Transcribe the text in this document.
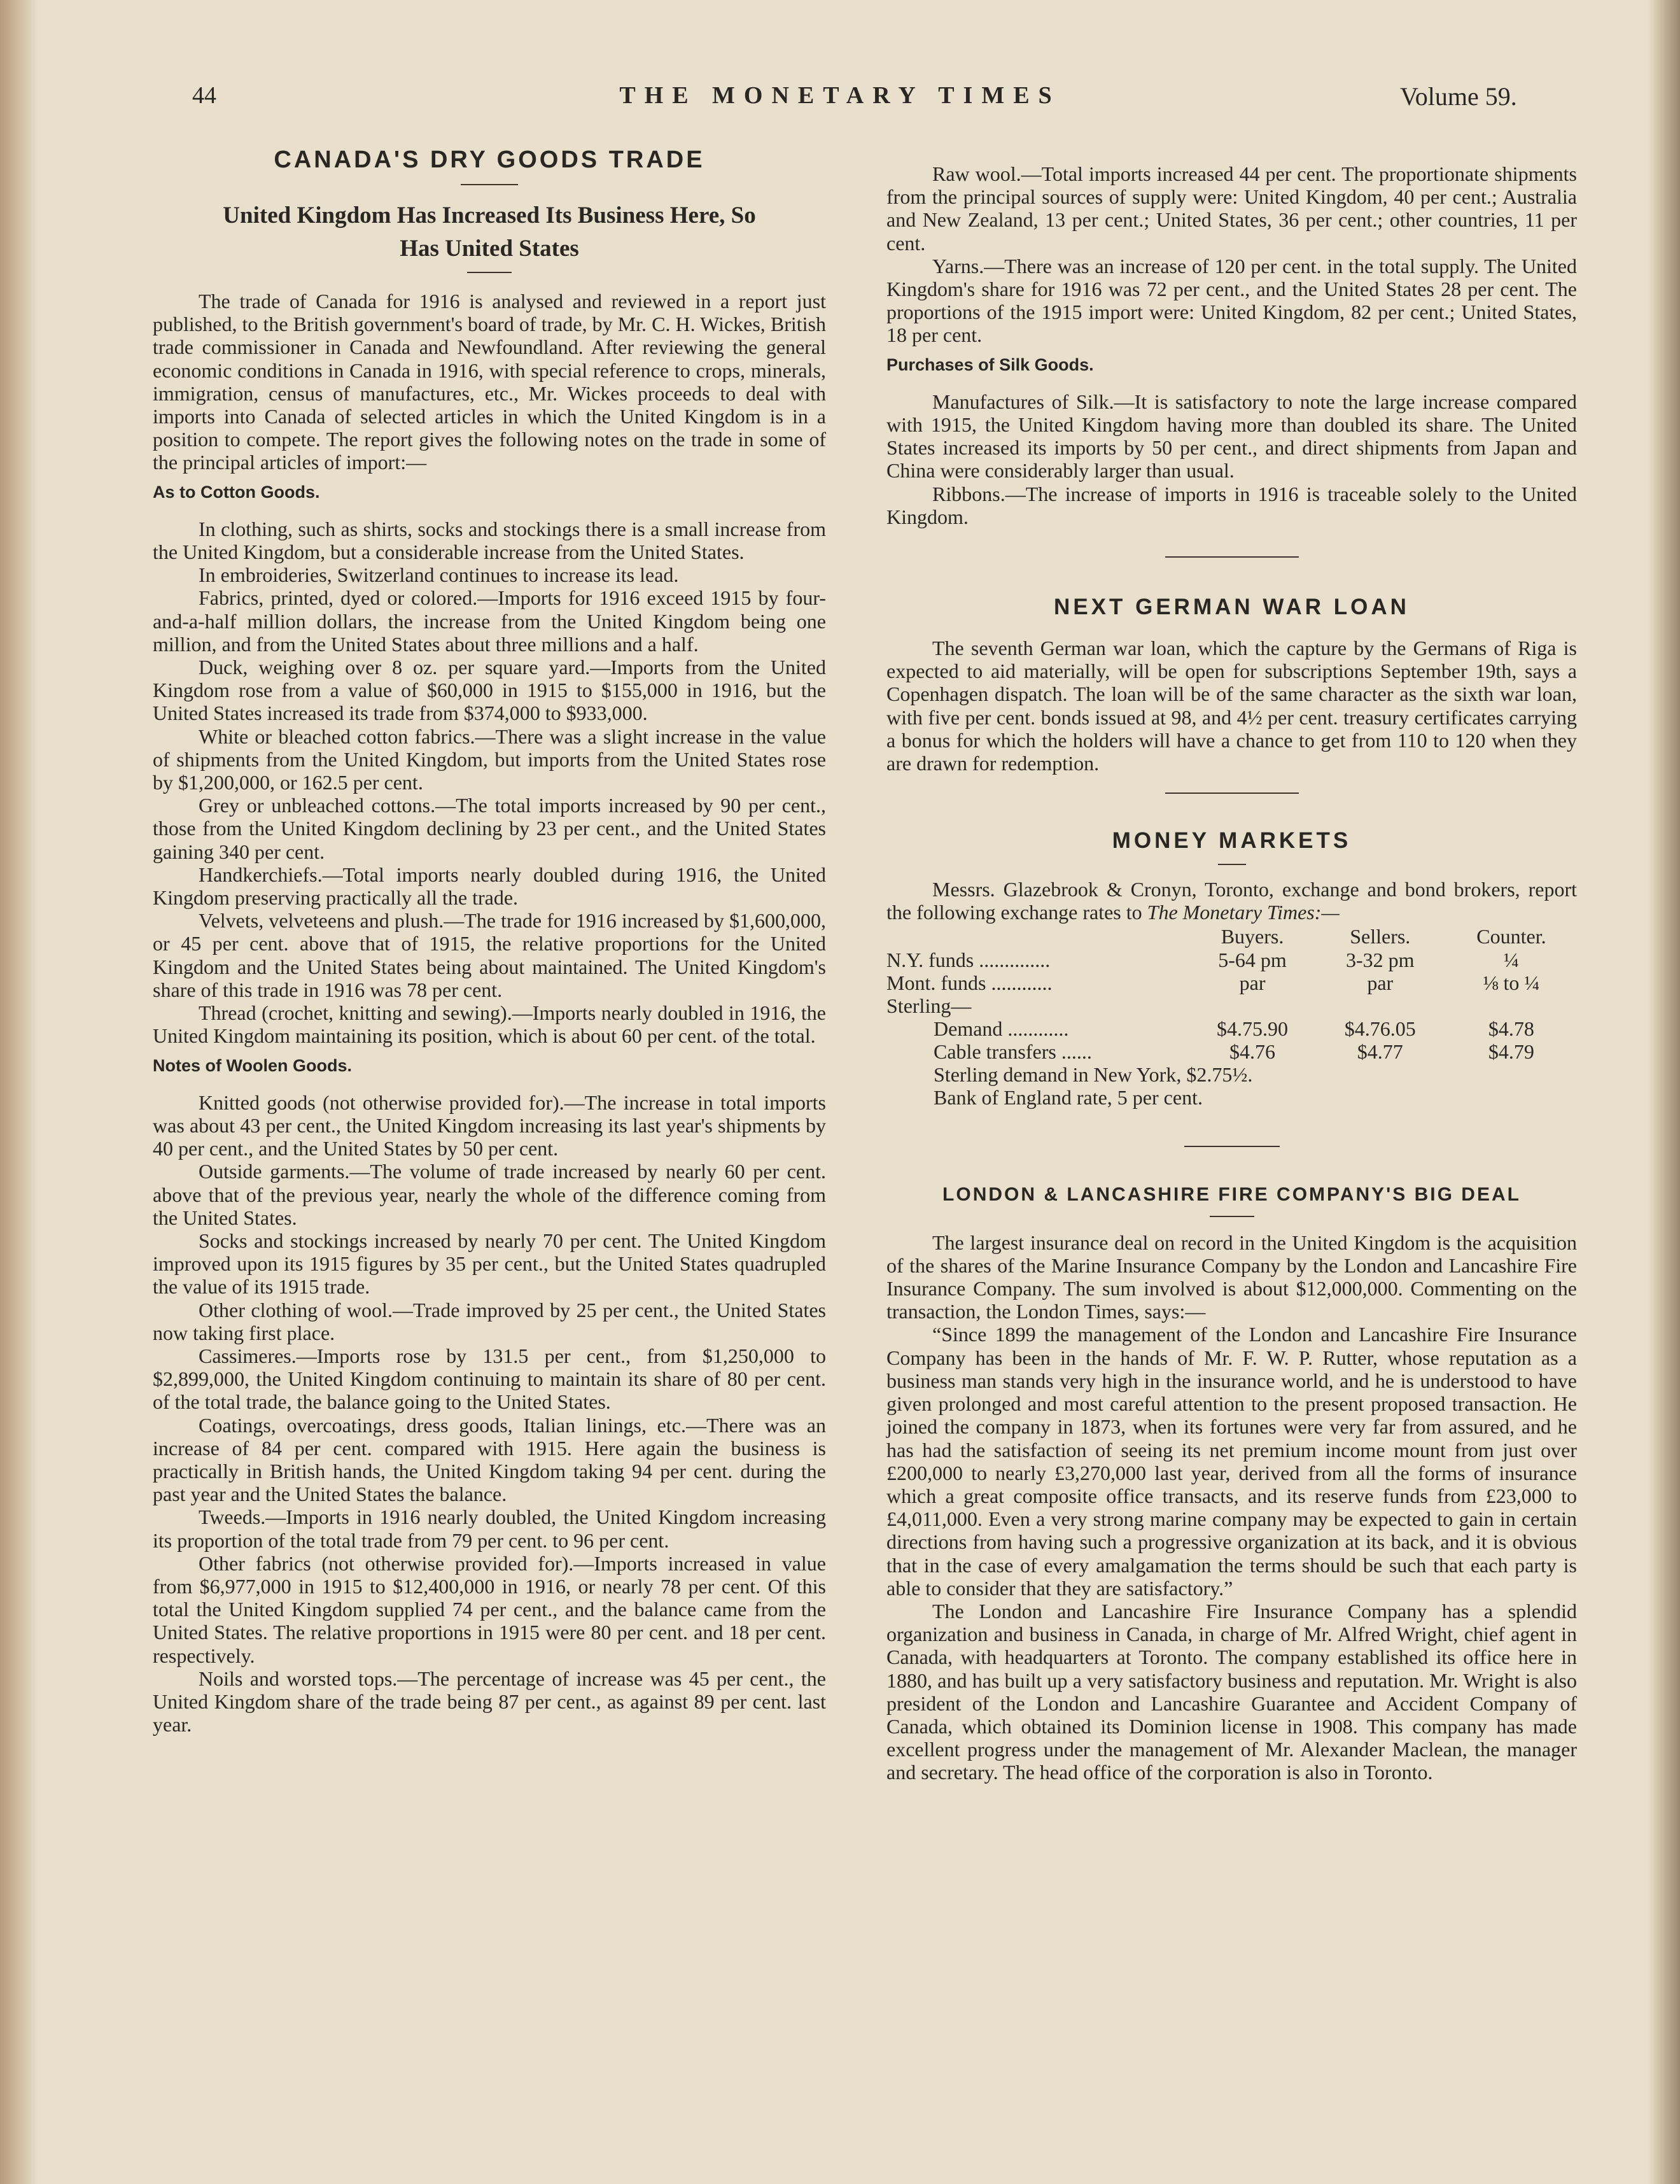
44	THE MONETARY TIMES	Volume 59.
CANADA'S DRY GOODS TRADE
United Kingdom Has Increased Its Business Here, So
Has United States

The trade of Canada for 1916 is analysed and reviewed in a report just published, to the British government's board of trade, by Mr. C. H. Wickes, British trade commissioner in Canada and Newfoundland. After reviewing the general economic conditions in Canada in 1916, with special reference to crops, minerals, immigration, census of manufactures, etc., Mr. Wickes proceeds to deal with imports into Canada of selected articles in which the United Kingdom is in a position to compete. The report gives the following notes on the trade in some of the principal articles of import:—

As to Cotton Goods.

In clothing, such as shirts, socks and stockings there is a small increase from the United Kingdom, but a considerable increase from the United States.

In embroideries, Switzerland continues to increase its lead.

Fabrics, printed, dyed or colored.—Imports for 1916 exceed 1915 by four-and-a-half million dollars, the increase from the United Kingdom being one million, and from the United States about three millions and a half.

Duck, weighing over 8 oz. per square yard.—Imports from the United Kingdom rose from a value of $60,000 in 1915 to $155,000 in 1916, but the United States increased its trade from $374,000 to $933,000.

White or bleached cotton fabrics.—There was a slight increase in the value of shipments from the United Kingdom, but imports from the United States rose by $1,200,000, or 162.5 per cent.

Grey or unbleached cottons.—The total imports increased by 90 per cent., those from the United Kingdom declining by 23 per cent., and the United States gaining 340 per cent.

Handkerchiefs.—Total imports nearly doubled during 1916, the United Kingdom preserving practically all the trade.

Velvets, velveteens and plush.—The trade for 1916 increased by $1,600,000, or 45 per cent. above that of 1915, the relative proportions for the United Kingdom and the United States being about maintained. The United Kingdom's share of this trade in 1916 was 78 per cent.

Thread (crochet, knitting and sewing).—Imports nearly doubled in 1916, the United Kingdom maintaining its position, which is about 60 per cent. of the total.

Notes of Woolen Goods.

Knitted goods (not otherwise provided for).—The increase in total imports was about 43 per cent., the United Kingdom increasing its last year's shipments by 40 per cent., and the United States by 50 per cent.

Outside garments.—The volume of trade increased by nearly 60 per cent. above that of the previous year, nearly the whole of the difference coming from the United States.

Socks and stockings increased by nearly 70 per cent. The United Kingdom improved upon its 1915 figures by 35 per cent., but the United States quadrupled the value of its 1915 trade.

Other clothing of wool.—Trade improved by 25 per cent., the United States now taking first place.

Cassimeres.—Imports rose by 131.5 per cent., from $1,250,000 to $2,899,000, the United Kingdom continuing to maintain its share of 80 per cent. of the total trade, the balance going to the United States.

Coatings, overcoatings, dress goods, Italian linings, etc.—There was an increase of 84 per cent. compared with 1915. Here again the business is practically in British hands, the United Kingdom taking 94 per cent. during the past year and the United States the balance.

Tweeds.—Imports in 1916 nearly doubled, the United Kingdom increasing its proportion of the total trade from 79 per cent. to 96 per cent.

Other fabrics (not otherwise provided for).—Imports increased in value from $6,977,000 in 1915 to $12,400,000 in 1916, or nearly 78 per cent. Of this total the United Kingdom supplied 74 per cent., and the balance came from the United States. The relative proportions in 1915 were 80 per cent. and 18 per cent. respectively.

Noils and worsted tops.—The percentage of increase was 45 per cent., the United Kingdom share of the trade being 87 per cent., as against 89 per cent. last year.

Raw wool.—Total imports increased 44 per cent. The proportionate shipments from the principal sources of supply were: United Kingdom, 40 per cent.; Australia and New Zealand, 13 per cent.; United States, 36 per cent.; other countries, 11 per cent.

Yarns.—There was an increase of 120 per cent. in the total supply. The United Kingdom's share for 1916 was 72 per cent., and the United States 28 per cent. The proportions of the 1915 import were: United Kingdom, 82 per cent.; United States, 18 per cent.

Purchases of Silk Goods.

Manufactures of Silk.—It is satisfactory to note the large increase compared with 1915, the United Kingdom having more than doubled its share. The United States increased its imports by 50 per cent., and direct shipments from Japan and China were considerably larger than usual.

Ribbons.—The increase of imports in 1916 is traceable solely to the United Kingdom.

NEXT GERMAN WAR LOAN

The seventh German war loan, which the capture by the Germans of Riga is expected to aid materially, will be open for subscriptions September 19th, says a Copenhagen dispatch. The loan will be of the same character as the sixth war loan, with five per cent. bonds issued at 98, and 4½ per cent. treasury certificates carrying a bonus for which the holders will have a chance to get from 110 to 120 when they are drawn for redemption.

MONEY MARKETS

Messrs. Glazebrook & Cronyn, Toronto, exchange and bond brokers, report the following exchange rates to The Monetary Times:—

	Buyers.	Sellers.	Counter.
N.Y. funds ..............	5-64 pm	3-32 pm	¼
Mont. funds ............	par	par	⅛ to ¼
Sterling—			
Demand ............	$4.75.90	$4.76.05	$4.78
Cable transfers ......	$4.76	$4.77	$4.79
Sterling demand in New York, $2.75½.			
Bank of England rate, 5 per cent.			
LONDON & LANCASHIRE FIRE COMPANY'S BIG DEAL

The largest insurance deal on record in the United Kingdom is the acquisition of the shares of the Marine Insurance Company by the London and Lancashire Fire Insurance Company. The sum involved is about $12,000,000. Commenting on the transaction, the London Times, says:—

“Since 1899 the management of the London and Lancashire Fire Insurance Company has been in the hands of Mr. F. W. P. Rutter, whose reputation as a business man stands very high in the insurance world, and he is understood to have given prolonged and most careful attention to the present proposed transaction. He joined the company in 1873, when its fortunes were very far from assured, and he has had the satisfaction of seeing its net premium income mount from just over £200,000 to nearly £3,270,000 last year, derived from all the forms of insurance which a great composite office transacts, and its reserve funds from £23,000 to £4,011,000. Even a very strong marine company may be expected to gain in certain directions from having such a progressive organization at its back, and it is obvious that in the case of every amalgamation the terms should be such that each party is able to consider that they are satisfactory.”

The London and Lancashire Fire Insurance Company has a splendid organization and business in Canada, in charge of Mr. Alfred Wright, chief agent in Canada, with headquarters at Toronto. The company established its office here in 1880, and has built up a very satisfactory business and reputation. Mr. Wright is also president of the London and Lancashire Guarantee and Accident Company of Canada, which obtained its Dominion license in 1908. This company has made excellent progress under the management of Mr. Alexander Maclean, the manager and secretary. The head office of the corporation is also in Toronto.
